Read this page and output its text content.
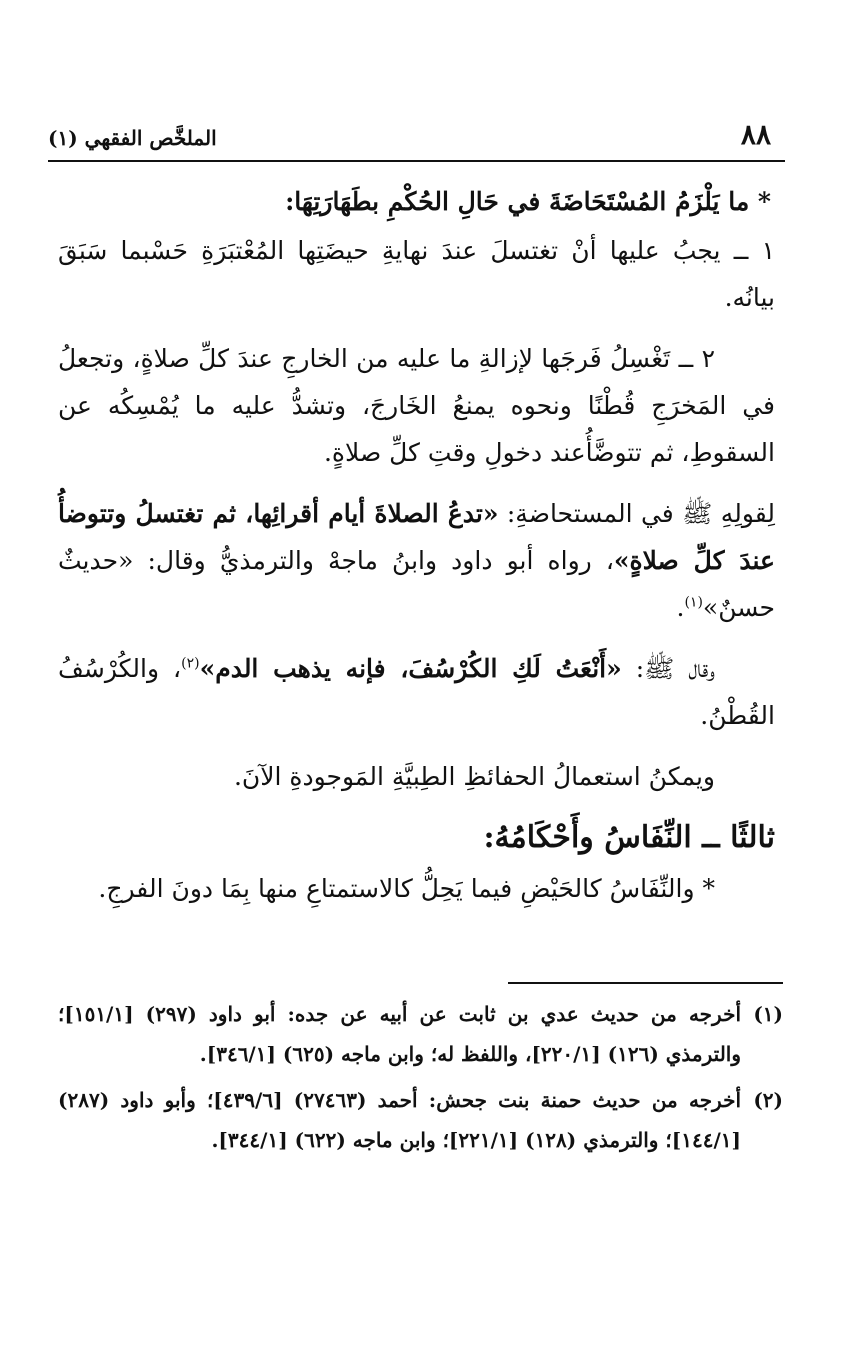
٨٨
الملخَّص الفقهي (١)

* ما يَلْزَمُ المُسْتَحَاضَةَ في حَالِ الحُكْمِ بطَهَارَتِهَا:

١ ــ يجبُ عليها أنْ تغتسلَ عندَ نهايةِ حيضَتِها المُعْتبَرَةِ حَسْبما سَبَقَ بيانُه.

٢ ــ تَغْسِلُ فَرجَها لإزالةِ ما عليه من الخارجِ عندَ كلِّ صلاةٍ، وتجعلُ في المَخرَجِ قُطْنًا ونحوه يمنعُ الخَارجَ، وتشدُّ عليه ما يُمْسِكُه عن السقوطِ، ثم تتوضَّأُعند دخولِ وقتِ كلِّ صلاةٍ.

لِقولِهِ ﷺ في المستحاضةِ: «تدعُ الصلاةَ أيام أقرائِها، ثم تغتسلُ وتتوضأُ عندَ كلِّ صلاةٍ»، رواه أبو داود وابنُ ماجهْ والترمذيُّ وقال: «حديثٌ حسنٌ»$^{(١)}$.

وقال ﷺ: «أَنْعَتُ لَكِ الكُرْسُفَ، فإنه يذهب الدم»$^{(٢)}$، والكُرْسُفُ القُطْنُ.

ويمكنُ استعمالُ الحفائظِ الطِبيَّةِ المَوجودةِ الآنَ.

ثالثًا ــ النِّفَاسُ وأَحْكَامُهُ:

* والنِّفَاسُ كالحَيْضِ فيما يَحِلُّ كالاستمتاعِ منها بِمَا دونَ الفرجِ.

(١)
أخرجه من حديث عدي بن ثابت عن أبيه عن جده: أبو داود (٢٩٧) [١٥١/١]؛ والترمذي (١٢٦) [٢٢٠/١]، واللفظ له؛ وابن ماجه (٦٢٥) [٣٤٦/١].
(٢)
أخرجه من حديث حمنة بنت جحش: أحمد (٢٧٤٦٣) [٤٣٩/٦]؛ وأبو داود (٢٨٧) [١٤٤/١]؛ والترمذي (١٢٨) [٢٢١/١]؛ وابن ماجه (٦٢٢) [٣٤٤/١].
